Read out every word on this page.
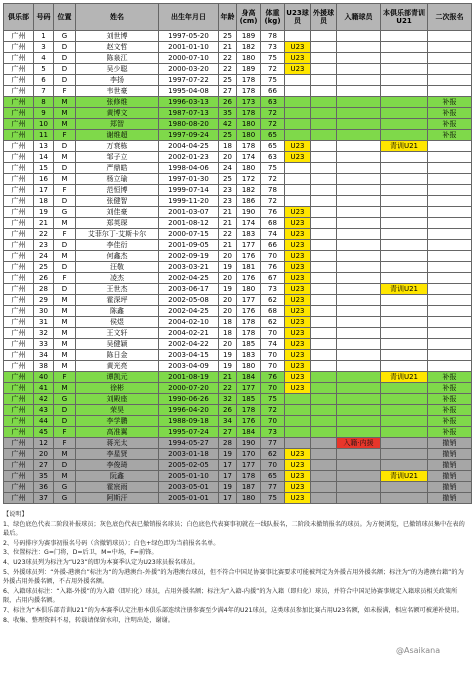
俱乐部	号码	位置	姓名	出生年月日	年龄	身高(cm)	体重(kg)	U23球员	外援球员	入籍球员	本俱乐部青训U21	二次报名
广州	1	G	刘世博	1997-05-20	25	189	78					
广州	3	D	赵文哲	2001-01-10	21	182	73	U23				
广州	4	D	陈泉江	2000-07-10	22	180	75	U23				
广州	5	D	吴少聪	2000-03-20	22	189	72	U23				
广州	6	D	李扬	1997-07-22	25	178	75					
广州	7	F	韦世豪	1995-04-08	27	178	66					
广州	8	M	张修维	1996-03-13	26	173	63					补报
广州	9	M	黄博文	1987-07-13	35	178	72					补报
广州	10	M	郑智	1980-08-20	42	180	72					补报
广州	11	F	谢维超	1997-09-24	25	180	65					补报
广州	13	D	万衰栋	2004-04-25	18	178	65	U23			青训U21	
广州	14	M	邹子立	2002-01-23	20	174	63	U23				
广州	15	D	严鼎皓	1998-04-06	24	180	75					
广州	16	M	杨立瑜	1997-01-30	25	172	72					
广州	17	F	范恒博	1999-07-14	23	182	78					
广州	18	D	张健智	1999-11-20	23	186	72					
广州	19	G	刘佳豪	2001-03-07	21	190	76	U23				
广州	21	M	郑英琛	2001-08-12	21	174	68	U23				
广州	22	F	艾菲尔丁·艾斯卡尔	2000-07-15	22	183	74	U23				
广州	23	D	李佳衍	2001-09-05	21	177	66	U23				
广州	24	M	何鑫杰	2002-09-19	20	176	70	U23				
广州	25	D	汪敬	2003-03-21	19	181	76	U23				
广州	26	F	凌杰	2002-04-25	20	176	67	U23				
广州	28	D	王世杰	2003-06-17	19	180	73	U23			青训U21	
广州	29	M	霍深坪	2002-05-08	20	177	62	U23				
广州	30	M	陈鑫	2002-04-25	20	176	68	U23				
广州	31	M	侯煜	2004-02-10	18	178	62	U23				
广州	32	M	王文轩	2004-02-21	18	178	70	U23				
广州	33	M	吴健颖	2002-04-22	20	185	74	U23				
广州	34	M	陈日金	2003-04-15	19	183	70	U23				
广州	38	M	黄光亮	2003-04-09	19	180	70	U23				
广州	40	F	谭凯元	2001-08-19	21	184	76	U23			青训U21	补报
广州	41	M	徐彬	2000-07-20	22	177	70	U23				补报
广州	42	G	刘殿座	1990-06-26	32	185	75					补报
广州	43	D	荣昊	1996-04-20	26	178	72					补报
广州	44	D	李学鹏	1988-09-18	34	176	70					补报
广州	45	F	高准翼	1995-07-24	27	184	73					补报
广州	12	F	蒋光太	1994-05-27	28	190	77			入籍·内援		撤销
广州	20	M	李星贤	2003-01-18	19	170	62	U23				撤销
广州	27	D	李俊琦	2005-02-05	17	177	70	U23				撤销
广州	35	M	阮鑫	2005-01-10	17	178	65	U23			青训U21	撤销
广州	36	G	霍宸雨	2003-05-01	19	187	77	U23				撤销
广州	37	G	阿斯汗	2005-01-01	17	180	75	U23				撤销

【说明】

1、绿色底色代表二阶段补报球员；灰色底色代表已撤销报名球员；白色底色代表赛事初就在一线队报名，二阶段未撤销报名的球员。为方便浏览，已撤销球员集中在表的最后。

2、号码排序为赛事初报名号码（含撤销球员）；白色+绿色即为当前报名名单。

3、位置标注：G=门将，D=后卫，M=中场，F=前锋。

4、U23球员列为标注为“U23”的即为本赛季认定为U23球员报名球员。

5、外援球员列：“外援-港澳台”标注为“的为港澳台-外援”的为港澳台球员，但不符合中国足协赛事比赛要求可能被判定为外援占用外援名额；标注为“的为港澳台籍”的为外援占用外援名额，不占用外援名额。

6、入籍球员标注：“入籍-外援”的为入籍（即归化）球员，占用外援名额；标注为“入籍-内援”的为入籍（即归化）球员，并符合中国足协赛事规定入籍球员相关政策所限，占用内援名额。

7、标注为“本俱乐部青训U21”的为本赛季认定注册本俱乐部连续注册参赛至少满4年的U21球员，这类球员参加比赛占用U23名额，如未报满，相应名额可被递补使用。

8、收集、整理资料不易，转载请保留水印，注明出处，谢谢。

@Asaikana
